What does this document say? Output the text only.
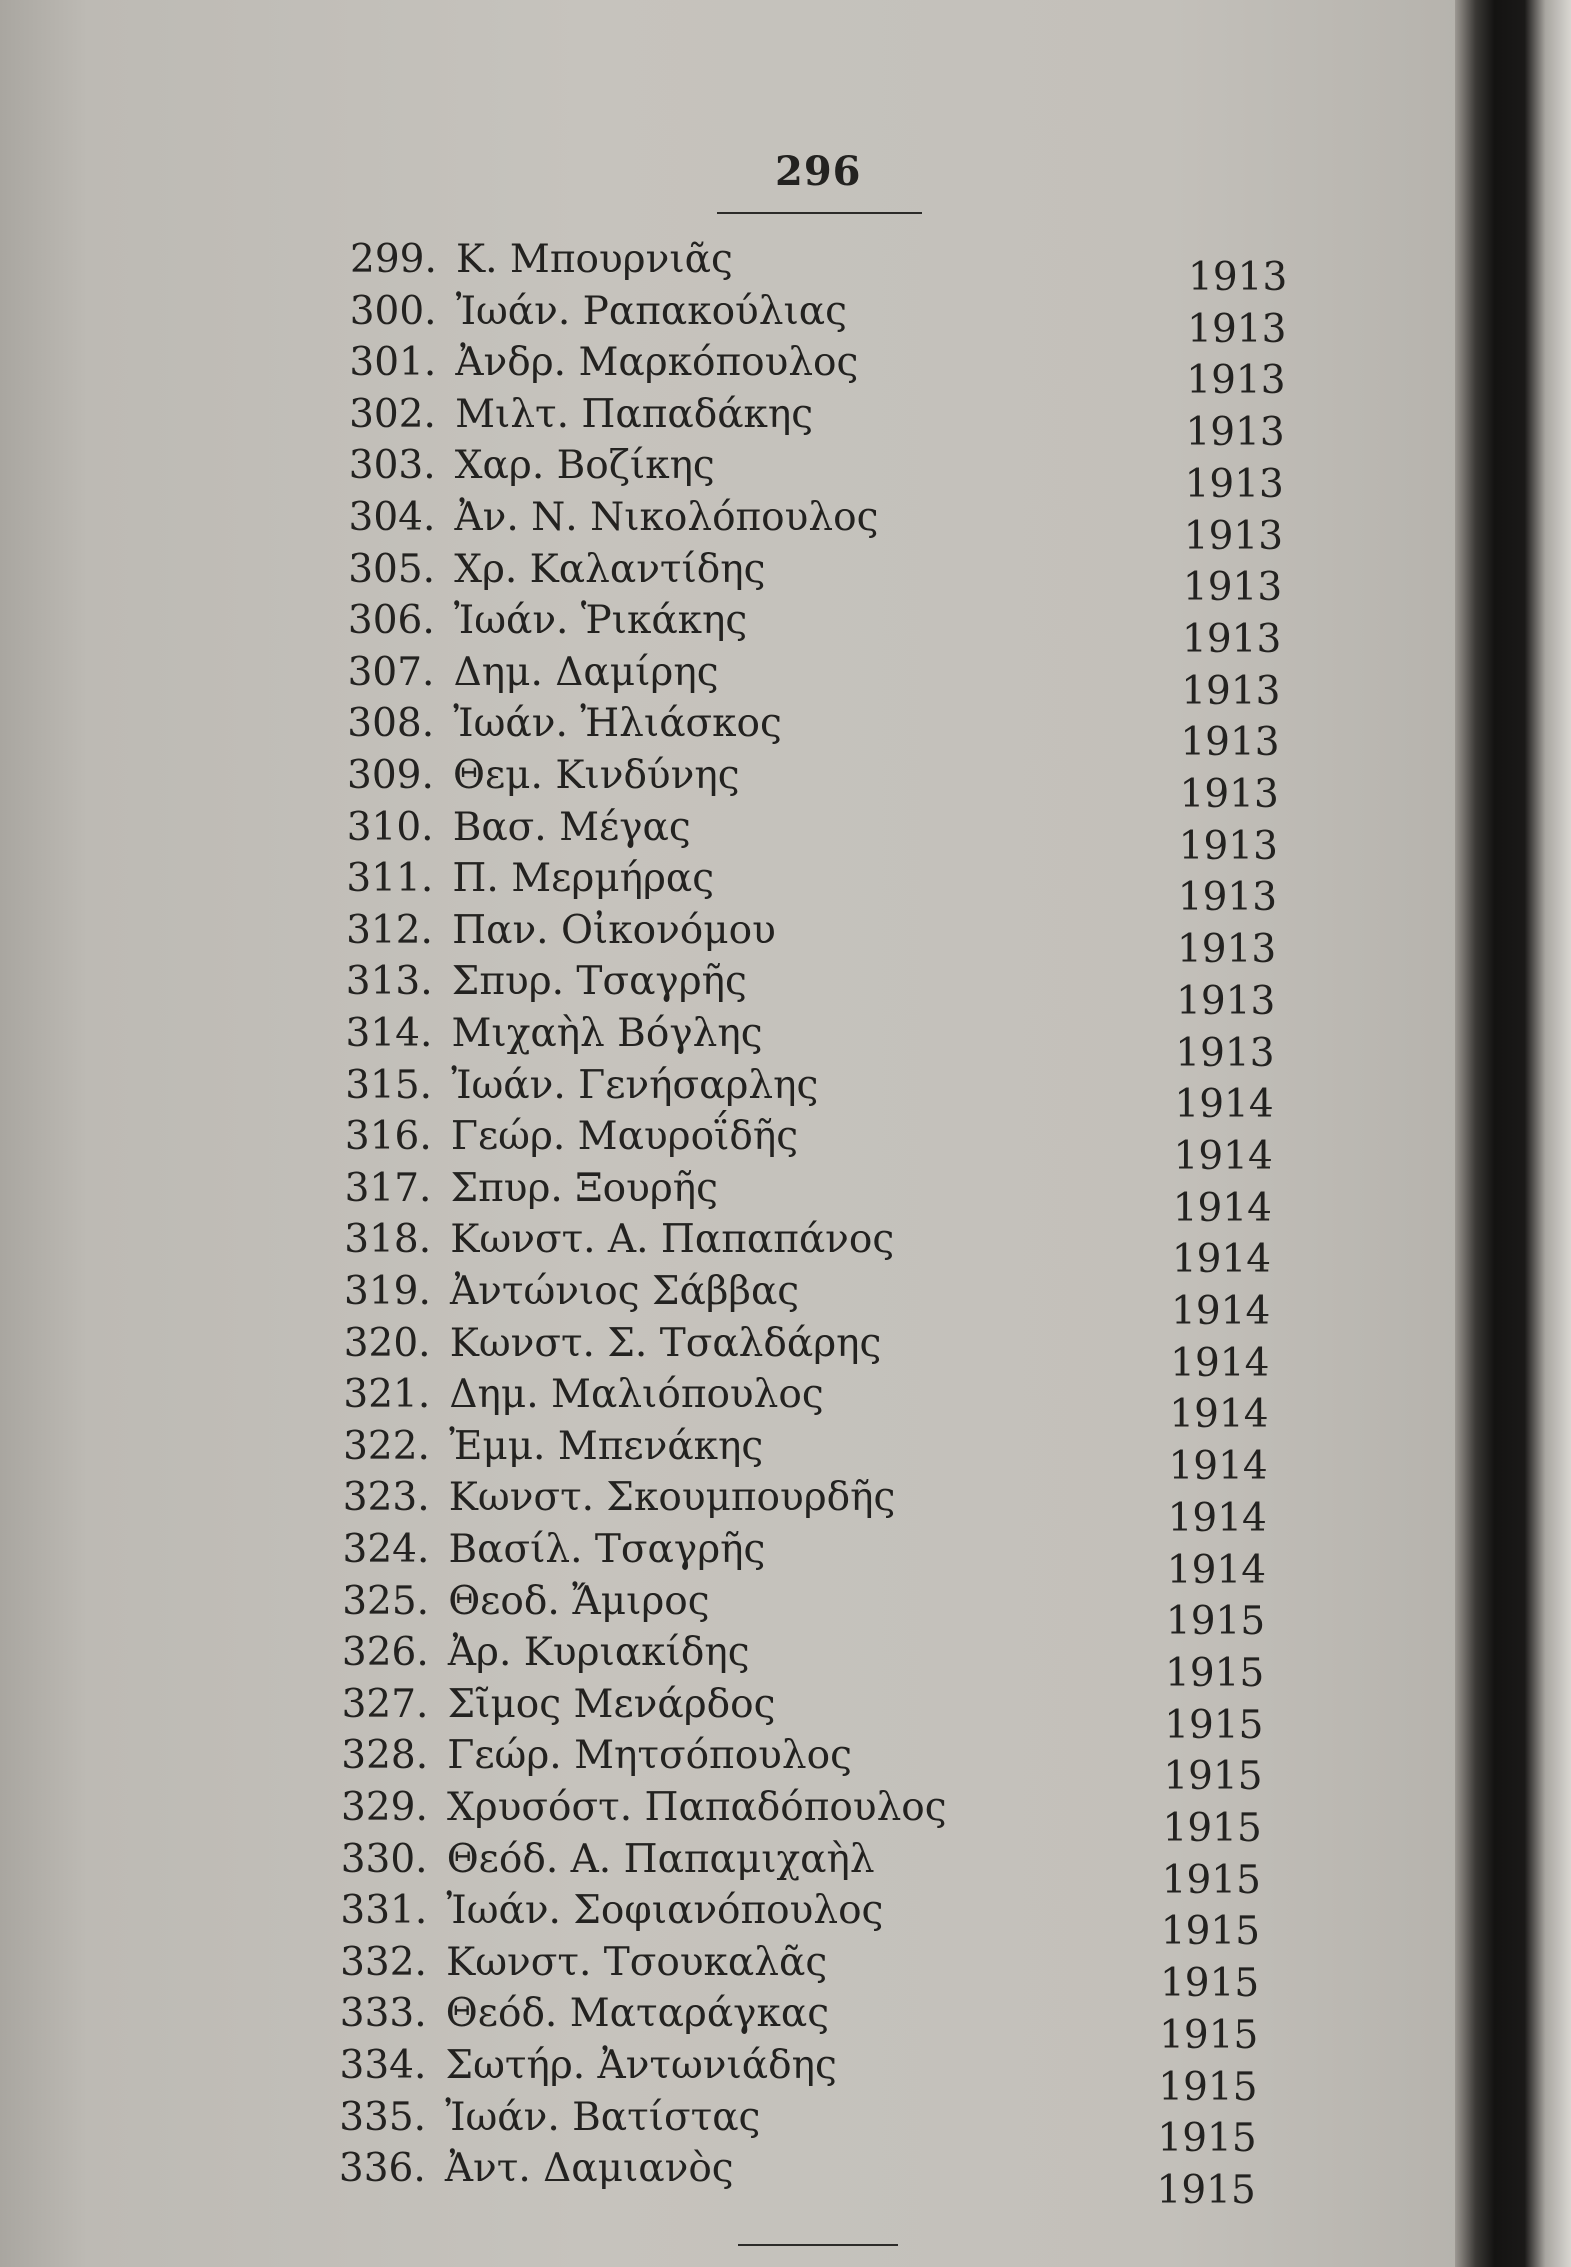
296
299. Κ. Μπουρνιᾶς
300. Ἰωάν. Ραπακούλιας
301. Ἀνδρ. Μαρκόπουλος
302. Μιλτ. Παπαδάκης
303. Χαρ. Βοζίκης
304. Ἀν. Ν. Νικολόπουλος
305. Χρ. Καλαντίδης
306. Ἰωάν. Ῥικάκης
307. Δημ. Δαμίρης
308. Ἰωάν. Ἠλιάσκος
309. Θεμ. Κινδύνης
310. Βασ. Μέγας
311. Π. Μερμήρας
312. Παν. Οἰκονόμου
313. Σπυρ. Τσαγρῆς
314. Μιχαὴλ Βόγλης
315. Ἰωάν. Γενήσαρλης
316. Γεώρ. Μαυροΐδῆς
317. Σπυρ. Ξουρῆς
318. Κωνστ. Α. Παπαπάνος
319. Ἀντώνιος Σάββας
320. Κωνστ. Σ. Τσαλδάρης
321. Δημ. Μαλιόπουλος
322. Ἐμμ. Μπενάκης
323. Κωνστ. Σκουμπουρδῆς
324. Βασίλ. Τσαγρῆς
325. Θεοδ. Ἄμιρος
326. Ἀρ. Κυριακίδης
327. Σῖμος Μενάρδος
328. Γεώρ. Μητσόπουλος
329. Χρυσόστ. Παπαδόπουλος
330. Θεόδ. Α. Παπαμιχαὴλ
331. Ἰωάν. Σοφιανόπουλος
332. Κωνστ. Τσουκαλᾶς
333. Θεόδ. Ματαράγκας
334. Σωτήρ. Ἀντωνιάδης
335. Ἰωάν. Βατίστας
336. Ἀντ. Δαμιανὸς
1913
1913
1913
1913
1913
1913
1913
1913
1913
1913
1913
1913
1913
1913
1913
1913
1914
1914
1914
1914
1914
1914
1914
1914
1914
1914
1915
1915
1915
1915
1915
1915
1915
1915
1915
1915
1915
1915
